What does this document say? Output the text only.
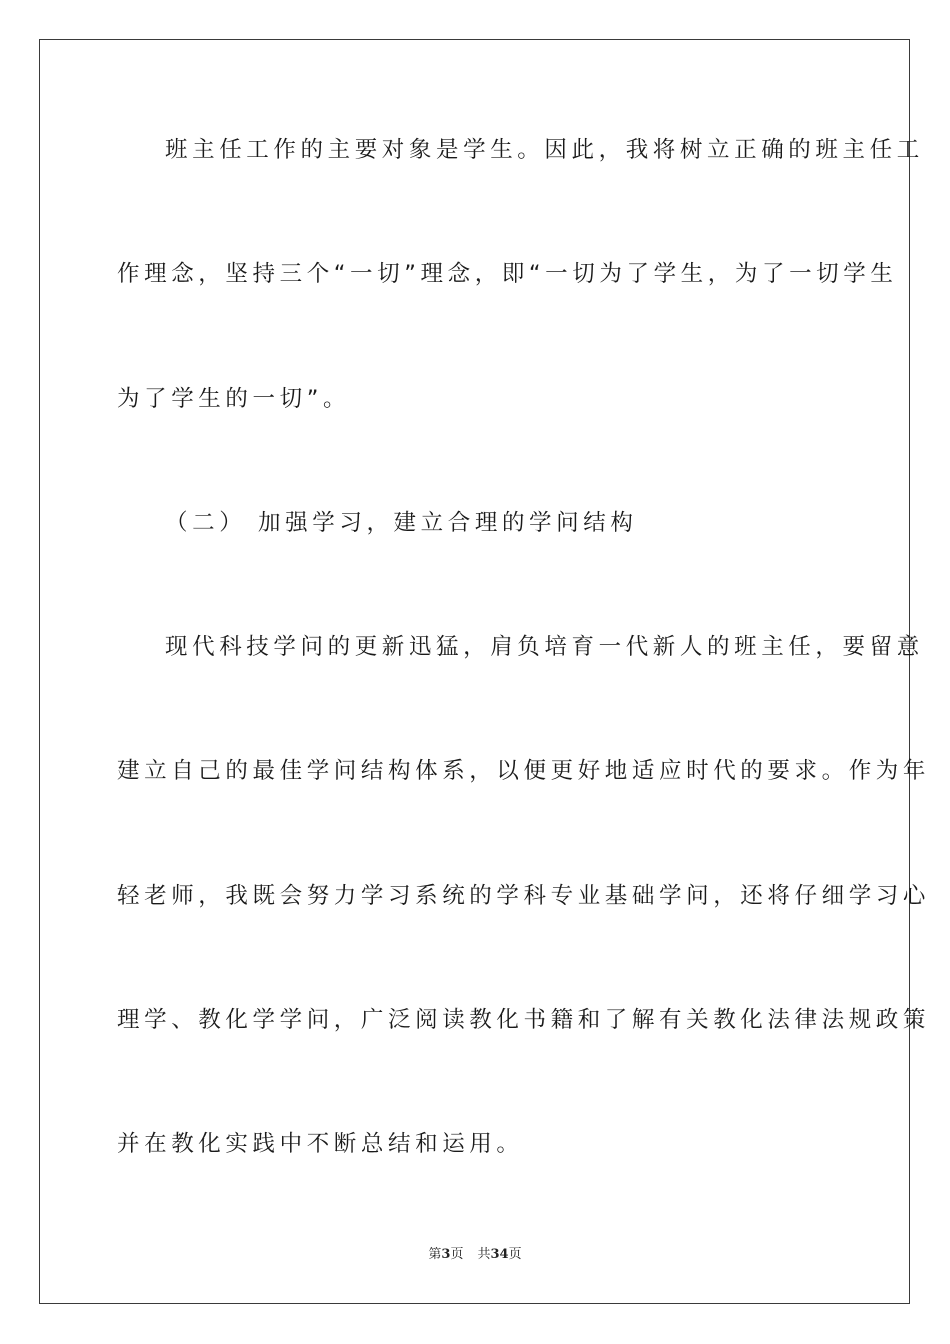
班主任工作的主要对象是学生。因此，我将树立正确的班主任工
作理念，坚持三个“一切”理念，即“一切为了学生，为了一切学生
为了学生的一切”。
（二） 加强学习，建立合理的学问结构
现代科技学问的更新迅猛，肩负培育一代新人的班主任，要留意
建立自己的最佳学问结构体系，以便更好地适应时代的要求。作为年
轻老师，我既会努力学习系统的学科专业基础学问，还将仔细学习心
理学、教化学学问，广泛阅读教化书籍和了解有关教化法律法规政策
并在教化实践中不断总结和运用。
第3页 共34页
